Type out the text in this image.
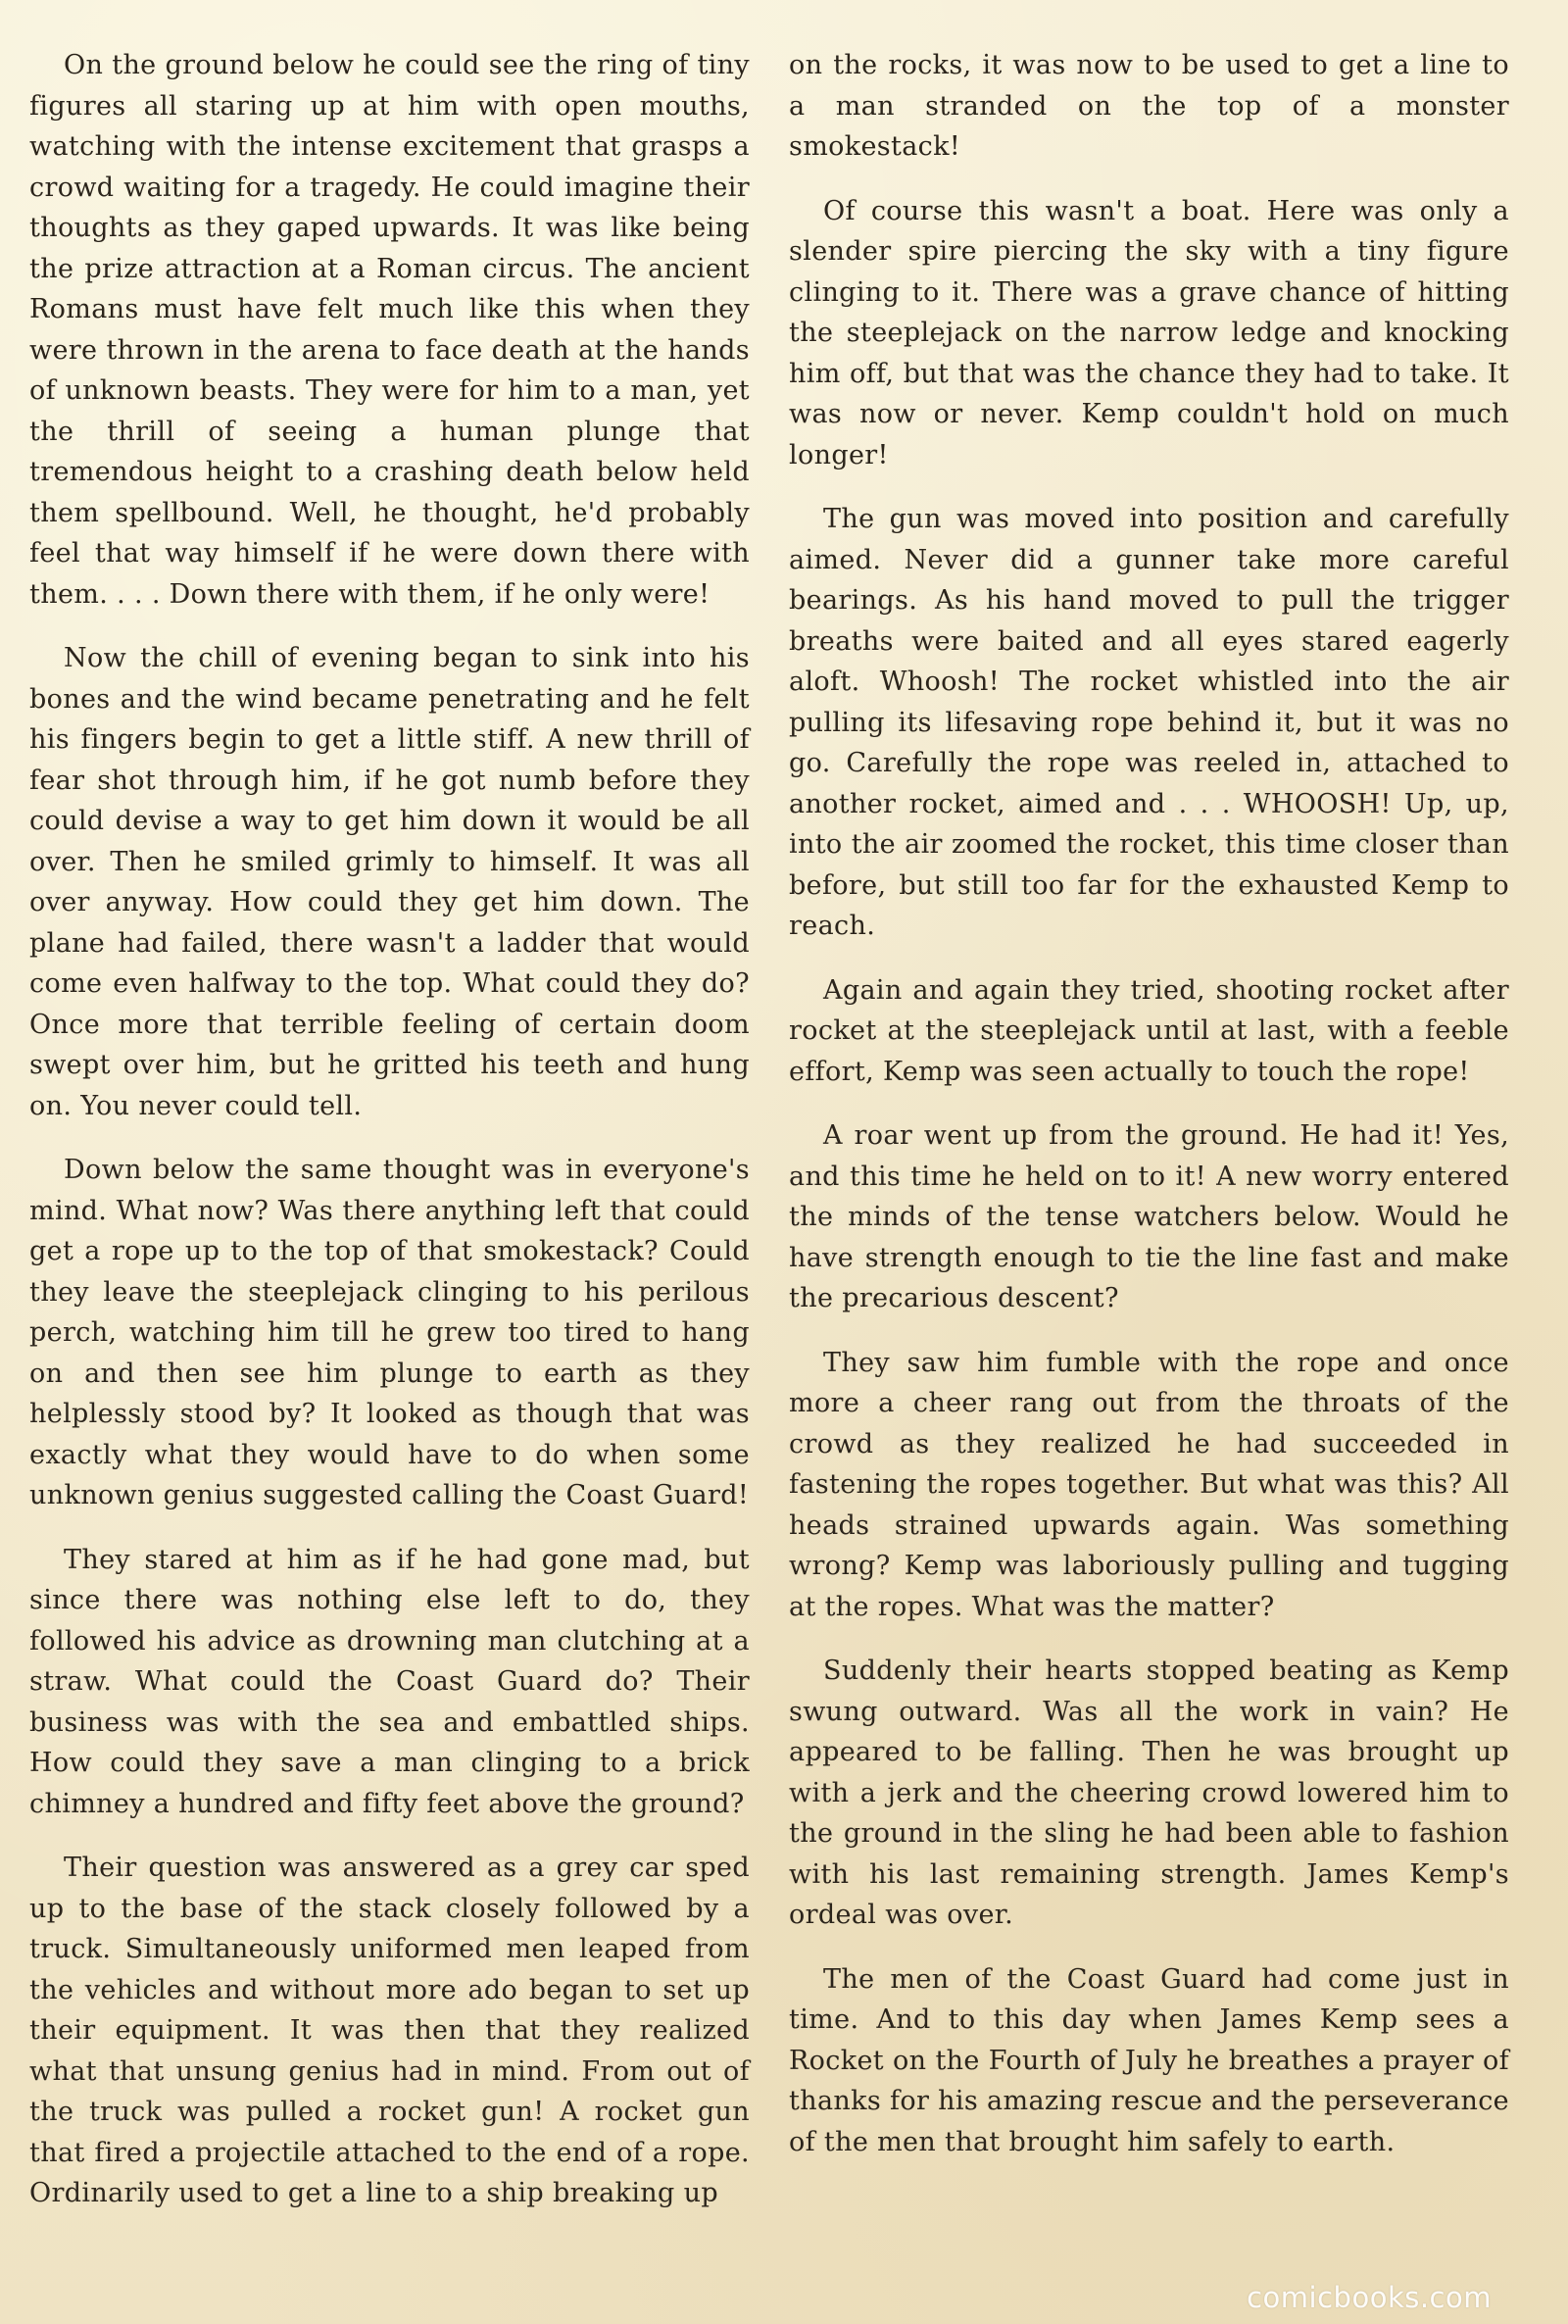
On the ground below he could see the ring of tiny figures all staring up at him with open mouths, watching with the intense excitement that grasps a crowd waiting for a tragedy. He could imagine their thoughts as they gaped upwards. It was like being the prize attraction at a Roman circus. The ancient Romans must have felt much like this when they were thrown in the arena to face death at the hands of unknown beasts. They were for him to a man, yet the thrill of seeing a human plunge that tremendous height to a crashing death below held them spellbound. Well, he thought, he'd probably feel that way himself if he were down there with them. . . . Down there with them, if he only were!

Now the chill of evening began to sink into his bones and the wind became penetrating and he felt his fingers begin to get a little stiff. A new thrill of fear shot through him, if he got numb before they could devise a way to get him down it would be all over. Then he smiled grimly to himself. It was all over anyway. How could they get him down. The plane had failed, there wasn't a ladder that would come even halfway to the top. What could they do? Once more that terrible feeling of certain doom swept over him, but he gritted his teeth and hung on. You never could tell.

Down below the same thought was in everyone's mind. What now? Was there anything left that could get a rope up to the top of that smokestack? Could they leave the steeplejack clinging to his perilous perch, watching him till he grew too tired to hang on and then see him plunge to earth as they helplessly stood by? It looked as though that was exactly what they would have to do when some unknown genius suggested calling the Coast Guard!

They stared at him as if he had gone mad, but since there was nothing else left to do, they followed his advice as drowning man clutching at a straw. What could the Coast Guard do? Their business was with the sea and embattled ships. How could they save a man clinging to a brick chimney a hundred and fifty feet above the ground?

Their question was answered as a grey car sped up to the base of the stack closely followed by a truck. Simultaneously uniformed men leaped from the vehicles and without more ado began to set up their equipment. It was then that they realized what that unsung genius had in mind. From out of the truck was pulled a rocket gun! A rocket gun that fired a projectile attached to the end of a rope. Ordinarily used to get a line to a ship breaking up

on the rocks, it was now to be used to get a line to a man stranded on the top of a monster smokestack!

Of course this wasn't a boat. Here was only a slender spire piercing the sky with a tiny figure clinging to it. There was a grave chance of hitting the steeplejack on the narrow ledge and knocking him off, but that was the chance they had to take. It was now or never. Kemp couldn't hold on much longer!

The gun was moved into position and carefully aimed. Never did a gunner take more careful bearings. As his hand moved to pull the trigger breaths were baited and all eyes stared eagerly aloft. Whoosh! The rocket whistled into the air pulling its lifesaving rope behind it, but it was no go. Carefully the rope was reeled in, attached to another rocket, aimed and . . . WHOOSH! Up, up, into the air zoomed the rocket, this time closer than before, but still too far for the exhausted Kemp to reach.

Again and again they tried, shooting rocket after rocket at the steeplejack until at last, with a feeble effort, Kemp was seen actually to touch the rope!

A roar went up from the ground. He had it! Yes, and this time he held on to it! A new worry entered the minds of the tense watchers below. Would he have strength enough to tie the line fast and make the precarious descent?

They saw him fumble with the rope and once more a cheer rang out from the throats of the crowd as they realized he had succeeded in fastening the ropes together. But what was this? All heads strained upwards again. Was something wrong? Kemp was laboriously pulling and tugging at the ropes. What was the matter?

Suddenly their hearts stopped beating as Kemp swung outward. Was all the work in vain? He appeared to be falling. Then he was brought up with a jerk and the cheering crowd lowered him to the ground in the sling he had been able to fashion with his last remaining strength. James Kemp's ordeal was over.

The men of the Coast Guard had come just in time. And to this day when James Kemp sees a Rocket on the Fourth of July he breathes a prayer of thanks for his amazing rescue and the perseverance of the men that brought him safely to earth.

comicbooks.com
